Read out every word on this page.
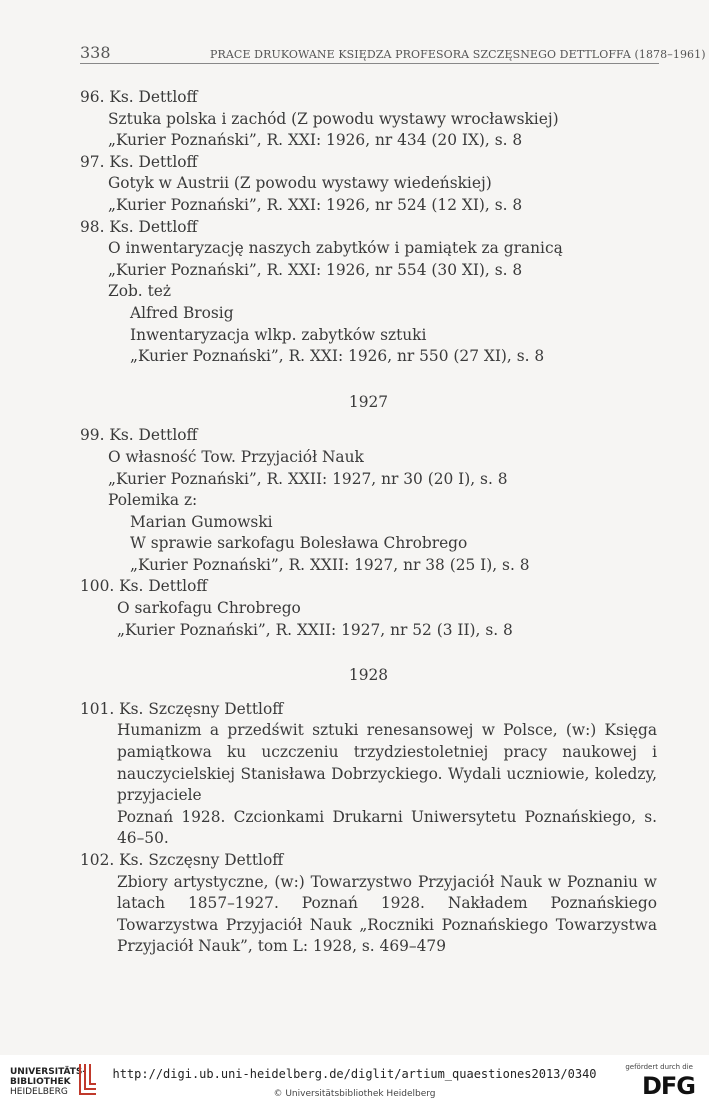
338	PRACE DRUKOWANE KSIĘDZA PROFESORA SZCZĘSNEGO DETTLOFFA (1878–1961)
96. Ks. Dettloff
Sztuka polska i zachód (Z powodu wystawy wrocławskiej)
„Kurier Poznański”, R. XXI: 1926, nr 434 (20 IX), s. 8
97. Ks. Dettloff
Gotyk w Austrii (Z powodu wystawy wiedeńskiej)
„Kurier Poznański”, R. XXI: 1926, nr 524 (12 XI), s. 8
98. Ks. Dettloff
O inwentaryzację naszych zabytków i pamiątek za granicą
„Kurier Poznański”, R. XXI: 1926, nr 554 (30 XI), s. 8
Zob. też
Alfred Brosig
Inwentaryzacja wlkp. zabytków sztuki
„Kurier Poznański”, R. XXI: 1926, nr 550 (27 XI), s. 8
1927
99. Ks. Dettloff
O własność Tow. Przyjaciół Nauk
„Kurier Poznański”, R. XXII: 1927, nr 30 (20 I), s. 8
Polemika z:
Marian Gumowski
W sprawie sarkofagu Bolesława Chrobrego
„Kurier Poznański”, R. XXII: 1927, nr 38 (25 I), s. 8
100. Ks. Dettloff
O sarkofagu Chrobrego
„Kurier Poznański”, R. XXII: 1927, nr 52 (3 II), s. 8
1928
101. Ks. Szczęsny Dettloff
Humanizm a przedświt sztuki renesansowej w Polsce, (w:) Księga pamiątkowa ku uczczeniu trzydziestoletniej pracy naukowej i nauczycielskiej Stanisława Dobrzyckiego. Wydali uczniowie, koledzy, przyjaciele
Poznań 1928. Czcionkami Drukarni Uniwersytetu Poznańskiego, s. 46–50.
102. Ks. Szczęsny Dettloff
Zbiory artystyczne, (w:) Towarzystwo Przyjaciół Nauk w Poznaniu w latach 1857–1927. Poznań 1928. Nakładem Poznańskiego Towarzystwa Przyjaciół Nauk „Roczniki Poznańskiego Towarzystwa Przyjaciół Nauk”, tom L: 1928, s. 469–479
UNIVERSITÄTS-
BIBLIOTHEK
HEIDELBERG
http://digi.ub.uni-heidelberg.de/diglit/artium_quaestiones2013/0340
© Universitätsbibliothek Heidelberg
gefördert durch die
DFG
